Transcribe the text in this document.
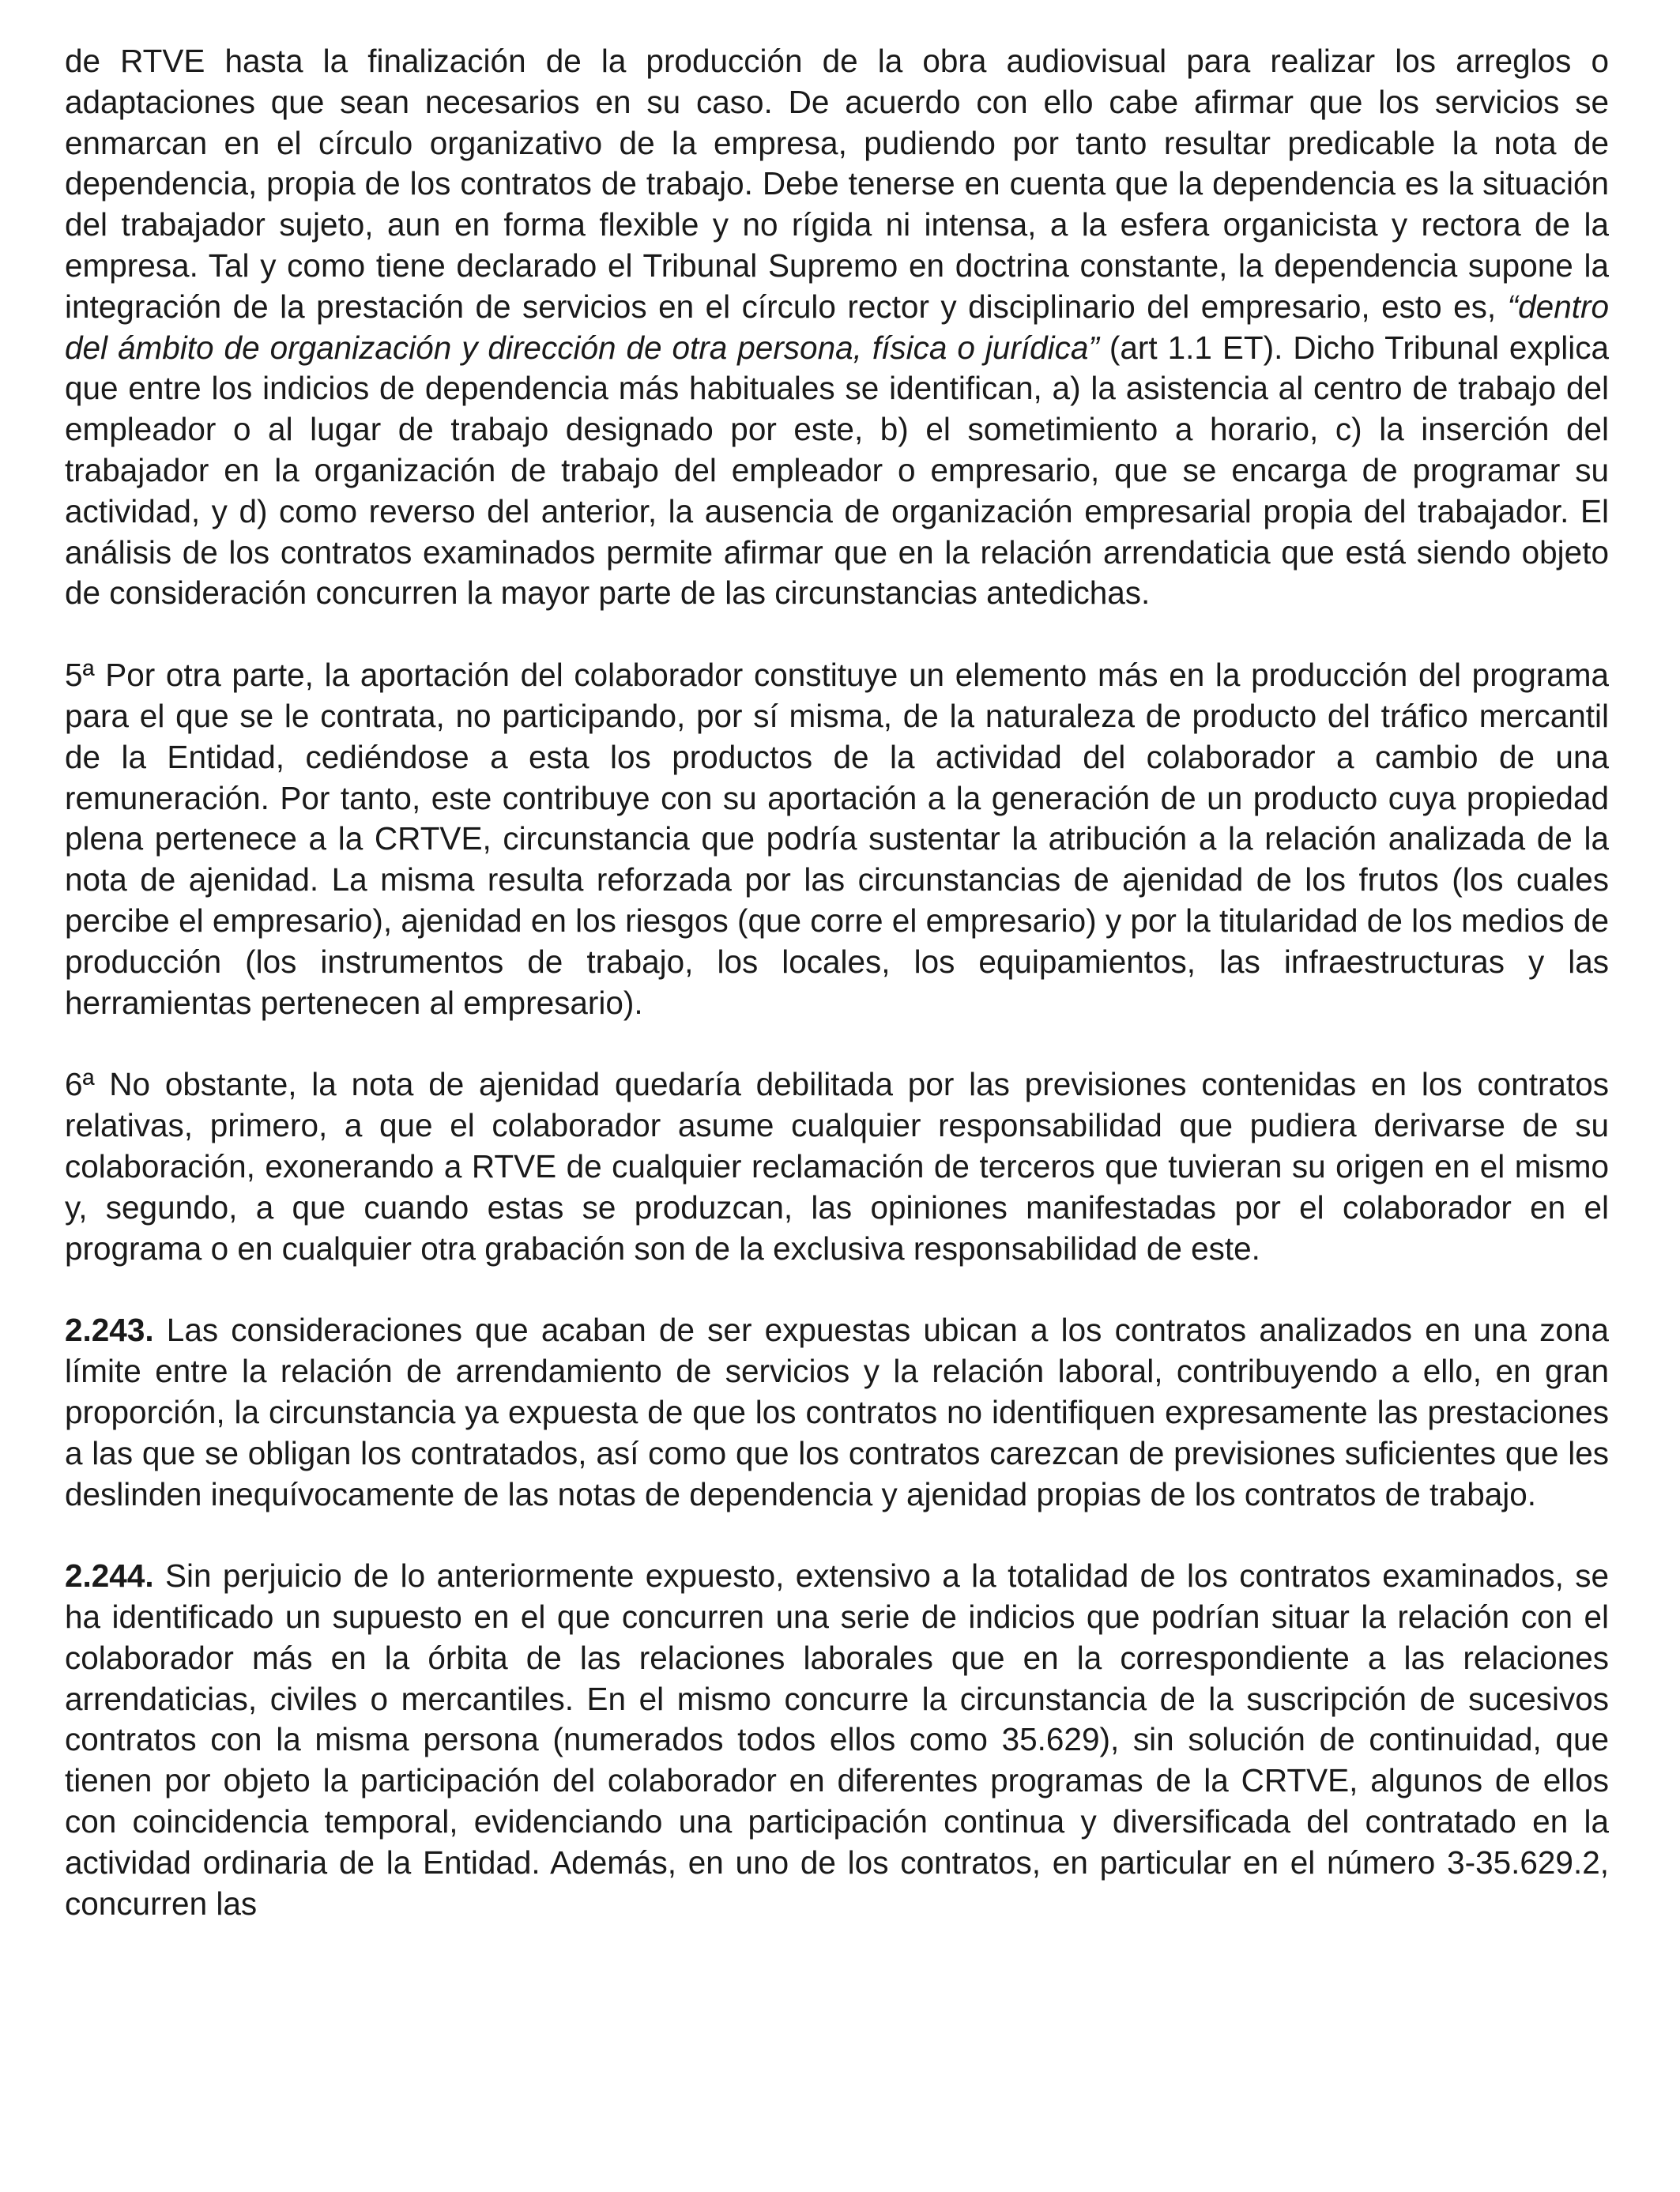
de RTVE hasta la finalización de la producción de la obra audiovisual para realizar los arreglos o adaptaciones que sean necesarios en su caso. De acuerdo con ello cabe afirmar que los servicios se enmarcan en el círculo organizativo de la empresa, pudiendo por tanto resultar predicable la nota de dependencia, propia de los contratos de trabajo. Debe tenerse en cuenta que la dependencia es la situación del trabajador sujeto, aun en forma flexible y no rígida ni intensa, a la esfera organicista y rectora de la empresa. Tal y como tiene declarado el Tribunal Supremo en doctrina constante, la dependencia supone la integración de la prestación de servicios en el círculo rector y disciplinario del empresario, esto es, “dentro del ámbito de organización y dirección de otra persona, física o jurídica” (art 1.1 ET). Dicho Tribunal explica que entre los indicios de dependencia más habituales se identifican, a) la asistencia al centro de trabajo del empleador o al lugar de trabajo designado por este, b) el sometimiento a horario, c) la inserción del trabajador en la organización de trabajo del empleador o empresario, que se encarga de programar su actividad, y d) como reverso del anterior, la ausencia de organización empresarial propia del trabajador. El análisis de los contratos examinados permite afirmar que en la relación arrendaticia que está siendo objeto de consideración concurren la mayor parte de las circunstancias antedichas.

5ª Por otra parte, la aportación del colaborador constituye un elemento más en la producción del programa para el que se le contrata, no participando, por sí misma, de la naturaleza de producto del tráfico mercantil de la Entidad, cediéndose a esta los productos de la actividad del colaborador a cambio de una remuneración. Por tanto, este contribuye con su aportación a la generación de un producto cuya propiedad plena pertenece a la CRTVE, circunstancia que podría sustentar la atribución a la relación analizada de la nota de ajenidad. La misma resulta reforzada por las circunstancias de ajenidad de los frutos (los cuales percibe el empresario), ajenidad en los riesgos (que corre el empresario) y por la titularidad de los medios de producción (los instrumentos de trabajo, los locales, los equipamientos, las infraestructuras y las herramientas pertenecen al empresario).

6ª No obstante, la nota de ajenidad quedaría debilitada por las previsiones contenidas en los contratos relativas, primero, a que el colaborador asume cualquier responsabilidad que pudiera derivarse de su colaboración, exonerando a RTVE de cualquier reclamación de terceros que tuvieran su origen en el mismo y, segundo, a que cuando estas se produzcan, las opiniones manifestadas por el colaborador en el programa o en cualquier otra grabación son de la exclusiva responsabilidad de este.

2.243. Las consideraciones que acaban de ser expuestas ubican a los contratos analizados en una zona límite entre la relación de arrendamiento de servicios y la relación laboral, contribuyendo a ello, en gran proporción, la circunstancia ya expuesta de que los contratos no identifiquen expresamente las prestaciones a las que se obligan los contratados, así como que los contratos carezcan de previsiones suficientes que les deslinden inequívocamente de las notas de dependencia y ajenidad propias de los contratos de trabajo.

2.244. Sin perjuicio de lo anteriormente expuesto, extensivo a la totalidad de los contratos examinados, se ha identificado un supuesto en el que concurren una serie de indicios que podrían situar la relación con el colaborador más en la órbita de las relaciones laborales que en la correspondiente a las relaciones arrendaticias, civiles o mercantiles. En el mismo concurre la circunstancia de la suscripción de sucesivos contratos con la misma persona (numerados todos ellos como 35.629), sin solución de continuidad, que tienen por objeto la participación del colaborador en diferentes programas de la CRTVE, algunos de ellos con coincidencia temporal, evidenciando una participación continua y diversificada del contratado en la actividad ordinaria de la Entidad. Además, en uno de los contratos, en particular en el número 3-35.629.2, concurren las
